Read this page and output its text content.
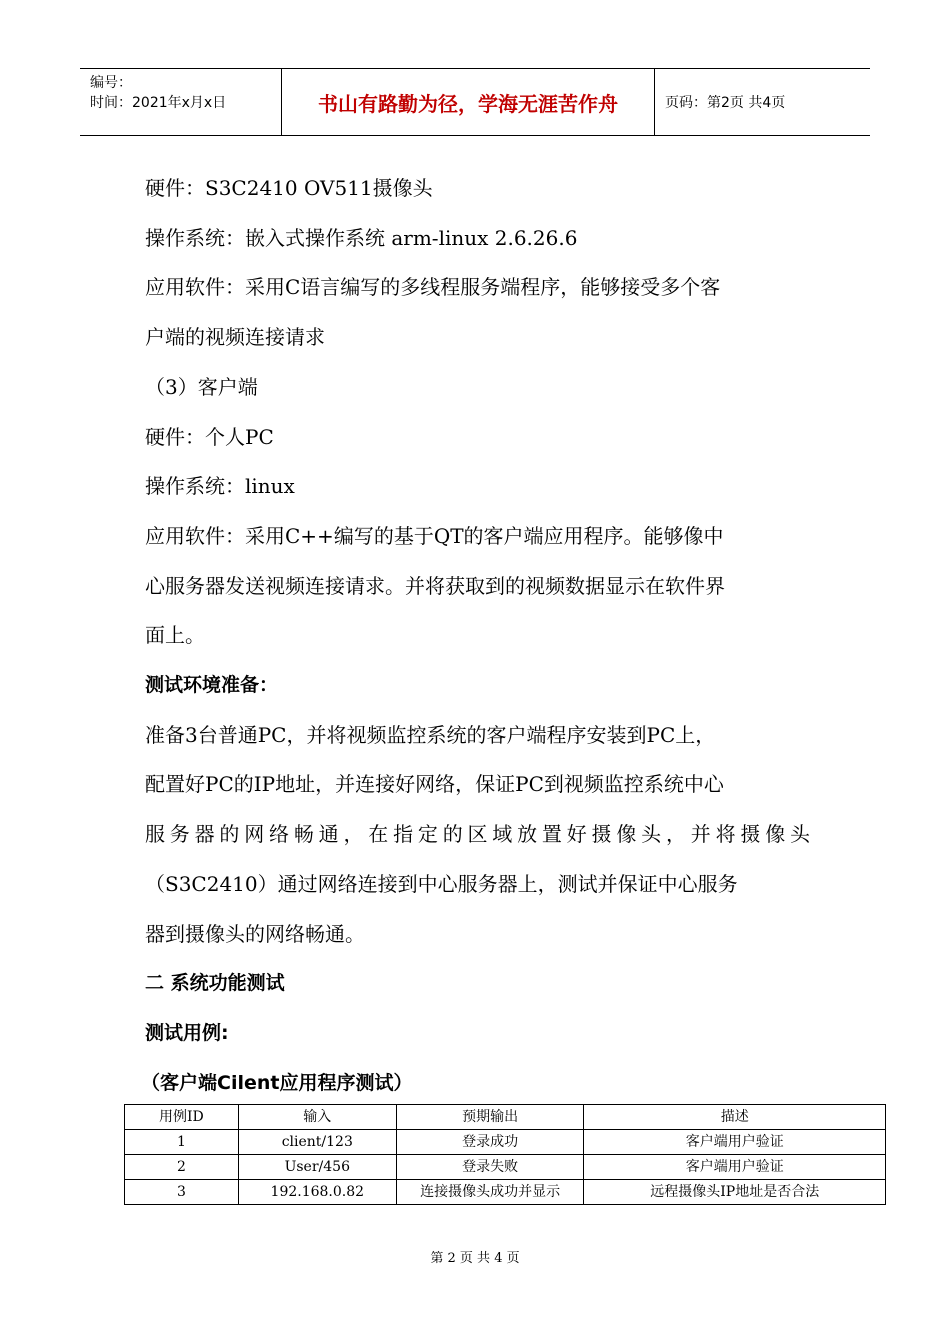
编号：
时间：2021年x月x日	书山有路勤为径，学海无涯苦作舟	页码：第2页 共4页

硬件：S3C2410 OV511摄像头

操作系统：嵌入式操作系统 arm-linux 2.6.26.6

应用软件：采用C语言编写的多线程服务端程序，能够接受多个客

户端的视频连接请求

（3）客户端

硬件：个人PC

操作系统：linux

应用软件：采用C++编写的基于QT的客户端应用程序。能够像中

心服务器发送视频连接请求。并将获取到的视频数据显示在软件界

面上。

测试环境准备：

准备3台普通PC，并将视频监控系统的客户端程序安装到PC上，

配置好PC的IP地址，并连接好网络，保证PC到视频监控系统中心

服务器的网络畅通，在指定的区域放置好摄像头，并将摄像头

（S3C2410）通过网络连接到中心服务器上，测试并保证中心服务

器到摄像头的网络畅通。

二 系统功能测试

测试用例:

（客户端Cilent应用程序测试）

用例ID	输入	预期输出	描述
1	client/123	登录成功	客户端用户验证
2	User/456	登录失败	客户端用户验证
3	192.168.0.82	连接摄像头成功并显示	远程摄像头IP地址是否合法
第 2 页 共 4 页
